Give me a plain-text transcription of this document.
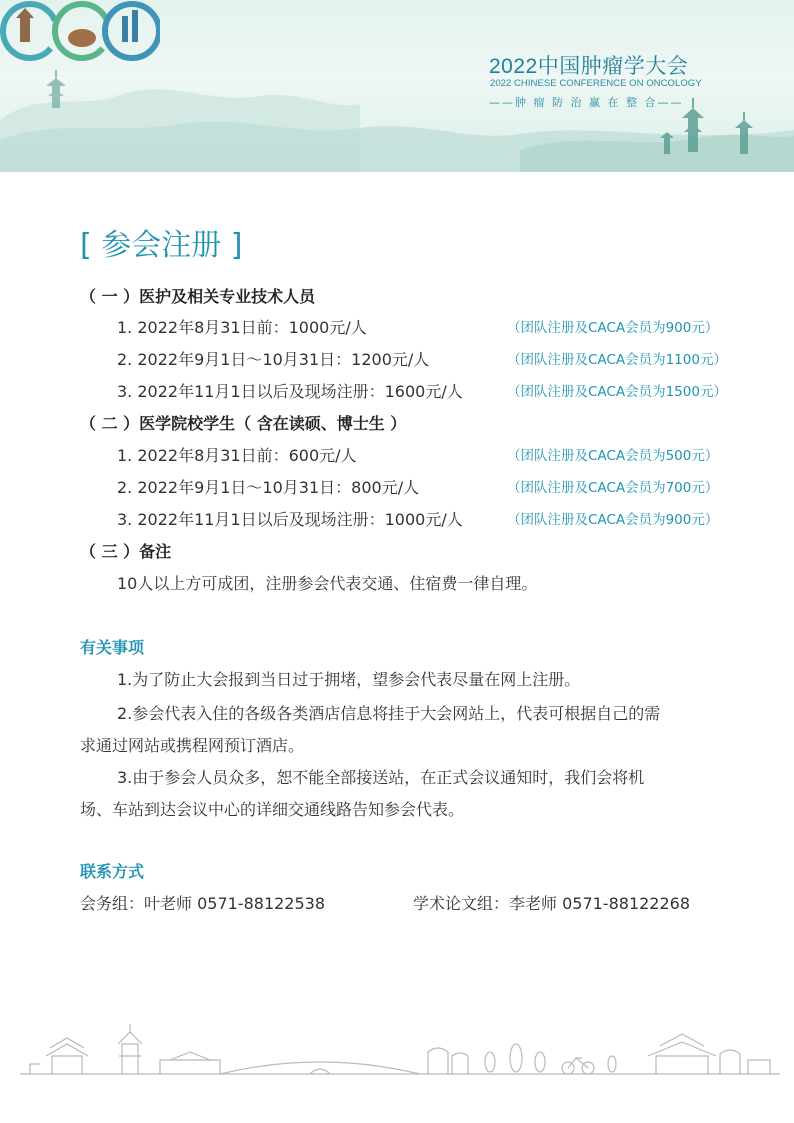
2022中国肿瘤学大会
2022 CHINESE CONFERENCE ON ONCOLOGY
——肿 瘤 防 治 赢 在 整 合——
[ 参会注册 ]
（ 一 ）医护及相关专业技术人员
1. 2022年8月31日前：1000元/人	（团队注册及CACA会员为900元）
2. 2022年9月1日～10月31日：1200元/人	（团队注册及CACA会员为1100元）
3. 2022年11月1日以后及现场注册：1600元/人	（团队注册及CACA会员为1500元）
（ 二 ）医学院校学生（ 含在读硕、博士生 ）
1. 2022年8月31日前：600元/人	（团队注册及CACA会员为500元）
2. 2022年9月1日～10月31日：800元/人	（团队注册及CACA会员为700元）
3. 2022年11月1日以后及现场注册：1000元/人	（团队注册及CACA会员为900元）
（ 三 ）备注
10人以上方可成团，注册参会代表交通、住宿费一律自理。
有关事项
1.为了防止大会报到当日过于拥堵，望参会代表尽量在网上注册。
2.参会代表入住的各级各类酒店信息将挂于大会网站上，代表可根据自己的需
求通过网站或携程网预订酒店。
3.由于参会人员众多，恕不能全部接送站，在正式会议通知时，我们会将机
场、车站到达会议中心的详细交通线路告知参会代表。
联系方式
会务组：叶老师 0571-88122538	学术论文组：李老师 0571-88122268
